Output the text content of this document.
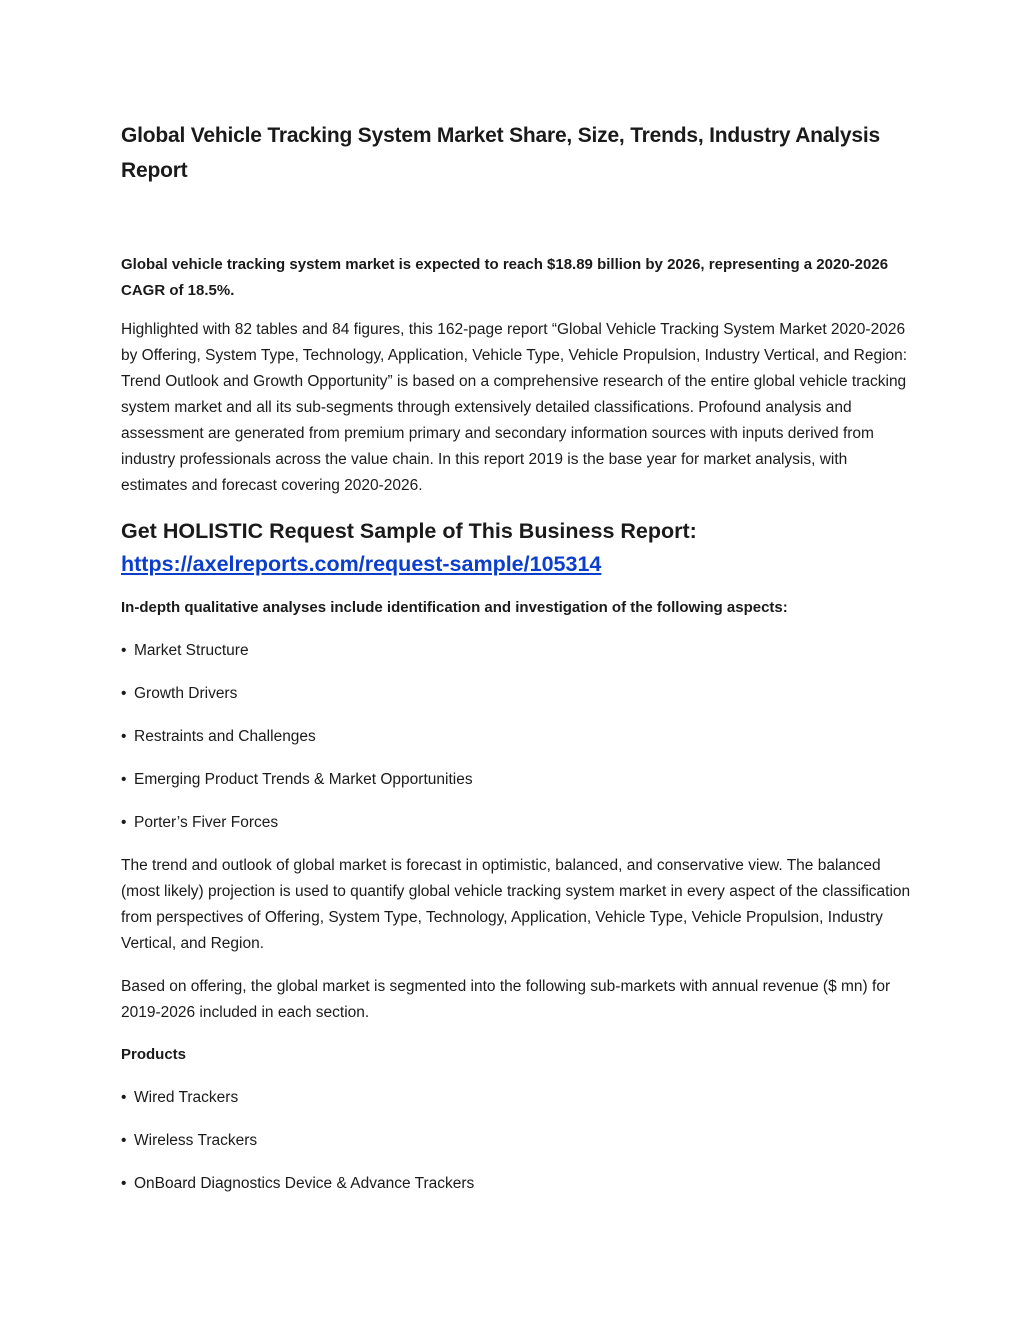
Global Vehicle Tracking System Market Share, Size, Trends, Industry Analysis Report

Global vehicle tracking system market is expected to reach $18.89 billion by 2026, representing a 2020-2026 CAGR of 18.5%.

Highlighted with 82 tables and 84 figures, this 162-page report “Global Vehicle Tracking System Market 2020-2026 by Offering, System Type, Technology, Application, Vehicle Type, Vehicle Propulsion, Industry Vertical, and Region: Trend Outlook and Growth Opportunity” is based on a comprehensive research of the entire global vehicle tracking system market and all its sub-segments through extensively detailed classifications. Profound analysis and assessment are generated from premium primary and secondary information sources with inputs derived from industry professionals across the value chain. In this report 2019 is the base year for market analysis, with estimates and forecast covering 2020-2026.

Get HOLISTIC Request Sample of This Business Report:
https://axelreports.com/request-sample/105314

In-depth qualitative analyses include identification and investigation of the following aspects:

• Market Structure
• Growth Drivers
• Restraints and Challenges
• Emerging Product Trends & Market Opportunities
• Porter’s Fiver Forces

The trend and outlook of global market is forecast in optimistic, balanced, and conservative view. The balanced (most likely) projection is used to quantify global vehicle tracking system market in every aspect of the classification from perspectives of Offering, System Type, Technology, Application, Vehicle Type, Vehicle Propulsion, Industry Vertical, and Region.

Based on offering, the global market is segmented into the following sub-markets with annual revenue ($ mn) for 2019-2026 included in each section.

Products

• Wired Trackers
• Wireless Trackers
• OnBoard Diagnostics Device & Advance Trackers
